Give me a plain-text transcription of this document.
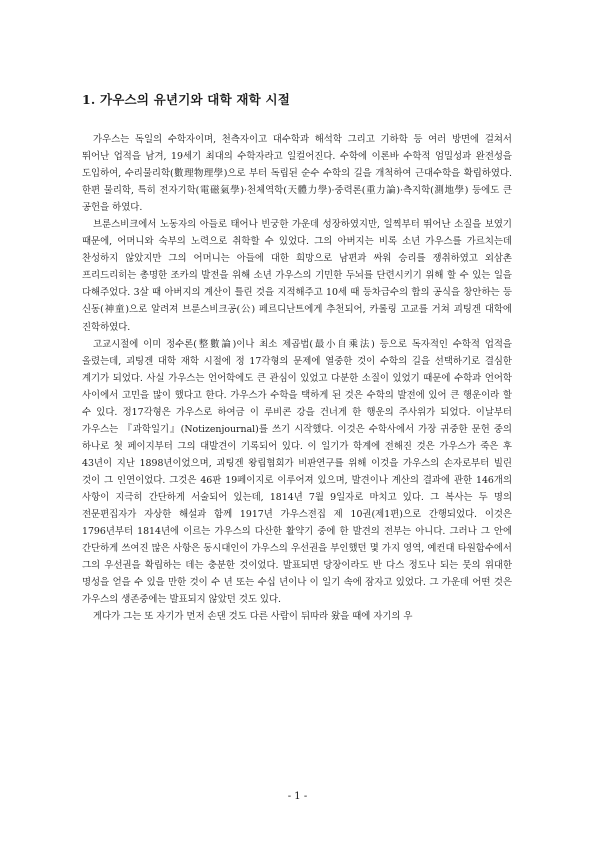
1. 가우스의 유년기와 대학 재학 시절

가우스는 독일의 수학자이며, 천측자이고 대수학과 해석학 그리고 기하학 등 여러 방면에 걸쳐서 뛰어난 업적을 남겨, 19세기 최대의 수학자라고 일컬어진다. 수학에 이론바 수학적 엄밀성과 완전성을 도입하여, 수리물리학(數理物理學)으로 부터 독립된 순수 수학의 길을 개척하여 근대수학을 확립하였다. 한편 물리학, 특히 전자기학(電磁氣學)·천체역학(天體力學)·중력론(重力論)·측지학(測地學) 등에도 큰 공헌을 하였다.

브룬스비크에서 노동자의 아들로 태어나 빈궁한 가운데 성장하였지만, 일찍부터 뛰어난 소질을 보였기 때문에, 어머니와 숙부의 노력으로 취학할 수 있었다. 그의 아버지는 비록 소년 가우스를 가르치는데 찬성하지 않았지만 그의 어머니는 아들에 대한 희망으로 남편과 싸워 승리를 쟁취하였고 외삼촌 프리드리히는 총명한 조카의 발전을 위해 소년 가우스의 기민한 두뇌를 단련시키기 위해 할 수 있는 일을 다해주었다. 3살 때 아버지의 계산이 틀린 것을 지적해주고 10세 때 등차급수의 합의 공식을 창안하는 등 신동(神童)으로 알려져 브룬스비크공(公) 페르디난트에게 추천되어, 카롤링 고교를 거쳐 괴팅겐 대학에 진학하였다.

고교시절에 이미 정수론(整數論)이나 최소 제곱법(最小自乘法) 등으로 독자적인 수학적 업적을 올렸는데, 괴팅겐 대학 재학 시절에 정 17각형의 문제에 열중한 것이 수학의 길을 선택하기로 결심한 계기가 되었다. 사실 가우스는 언어학에도 큰 관심이 있었고 다분한 소질이 있었기 때문에 수학과 언어학 사이에서 고민을 많이 했다고 한다. 가우스가 수학을 택하게 된 것은 수학의 발전에 있어 큰 행운이라 할 수 있다. 정17각형은 가우스로 하여금 이 루비콘 강을 건너게 한 행운의 주사위가 되었다. 이날부터 가우스는 『과학일기』(Notizenjournal)를 쓰기 시작했다. 이것은 수학사에서 가장 귀중한 문헌 중의 하나로 첫 페이지부터 그의 대발견이 기록되어 있다. 이 일기가 학계에 전해진 것은 가우스가 죽은 후 43년이 지난 1898년이었으며, 괴팅겐 왕립협회가 비판연구를 위해 이것을 가우스의 손자로부터 빌린 것이 그 인연이었다. 그것은 46판 19페이지로 이루어져 있으며, 발견이나 계산의 결과에 관한 146개의 사항이 지극히 간단하게 서술되어 있는데, 1814년 7월 9일자로 마치고 있다. 그 복사는 두 명의 전문편집자가 자상한 해설과 함께 1917년 가우스전집 제 10권(제1편)으로 간행되었다. 이것은 1796년부터 1814년에 이르는 가우스의 다산한 활약기 중에 한 발견의 전부는 아니다. 그러나 그 안에 간단하게 쓰여진 많은 사항은 동시대인이 가우스의 우선권을 부인했던 몇 가지 영역, 예컨대 타원함수에서 그의 우선권을 확립하는 데는 충분한 것이었다. 발표되면 당장이라도 반 다스 정도나 되는 뭇의 위대한 명성을 얻을 수 있을 만한 것이 수 년 또는 수십 년이나 이 일기 속에 잠자고 있었다. 그 가운데 어떤 것은 가우스의 생존중에는 발표되지 않았던 것도 있다.

게다가 그는 또 자기가 먼저 손댄 것도 다른 사람이 뒤따라 왔을 때에 자기의 우

- 1 -
